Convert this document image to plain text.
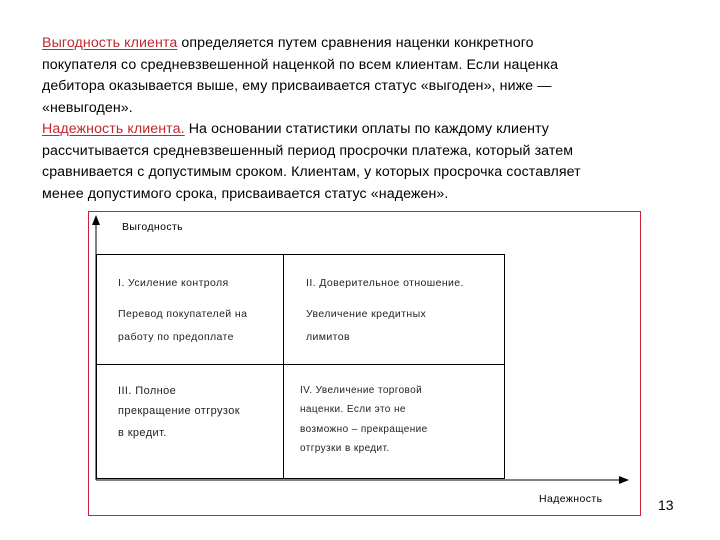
Выгодность клиента определяется путем сравнения наценки конкретного
покупателя со средневзвешенной наценкой по всем клиентам. Если наценка
дебитора оказывается выше, ему присваивается статус «выгоден», ниже —
«невыгоден».

Надежность клиента. На основании статистики оплаты по каждому клиенту
рассчитывается средневзвешенный период просрочки платежа, который затем
сравнивается с допустимым сроком. Клиентам, у которых просрочка составляет
менее допустимого срока, присваивается статус «надежен».

Выгодность
Надежность
I. Усиление контроля
Перевод покупателей на
работу по предоплате
II. Доверительное отношение.
Увеличение кредитных
лимитов
III. Полное
прекращение отгрузок
в кредит.
IV. Увеличение торговой
наценки. Если это не
возможно – прекращение
отгрузки в кредит.
13
